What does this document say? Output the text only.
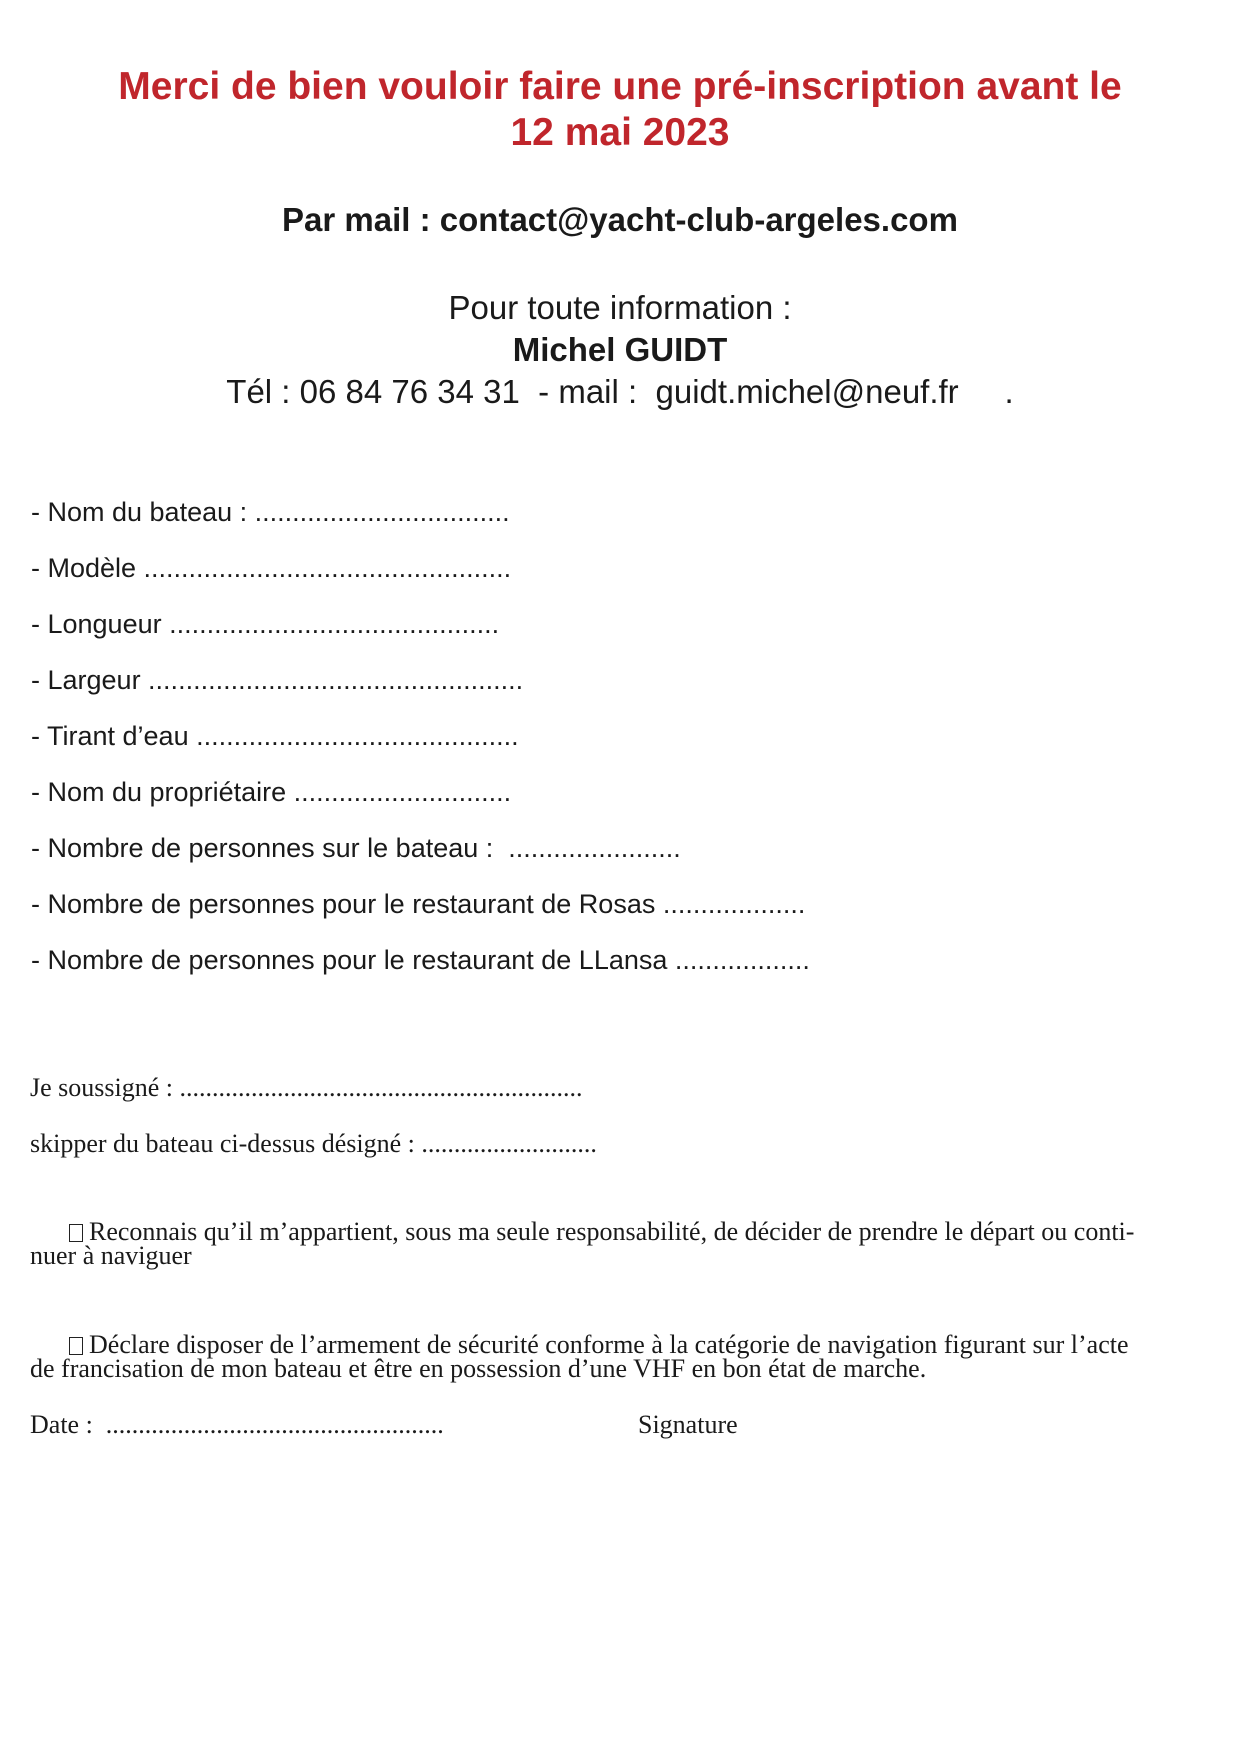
Merci de bien vouloir faire une pré-inscription avant le
12 mai 2023
Par mail : contact@yacht-club-argeles.com
Pour toute information :
Michel GUIDT
Tél : 06 84 76 34 31  - mail :  guidt.michel@neuf.fr     .
- Nom du bateau : ..................................
- Modèle .................................................
- Longueur ............................................
- Largeur ..................................................
- Tirant d’eau ...........................................
- Nom du propriétaire .............................
- Nombre de personnes sur le bateau :  .......................
- Nombre de personnes pour le restaurant de Rosas ...................
- Nombre de personnes pour le restaurant de LLansa ..................
Je soussigné : ..............................................................
skipper du bateau ci-dessus désigné : ...........................

Reconnais qu’il m’appartient, sous ma seule responsabilité, de décider de prendre le départ ou conti-

nuer à naviguer

Déclare disposer de l’armement de sécurité conforme à la catégorie de navigation figurant sur l’acte

de francisation de mon bateau et être en possession d’une VHF en bon état de marche.
Date :  ....................................................	Signature
